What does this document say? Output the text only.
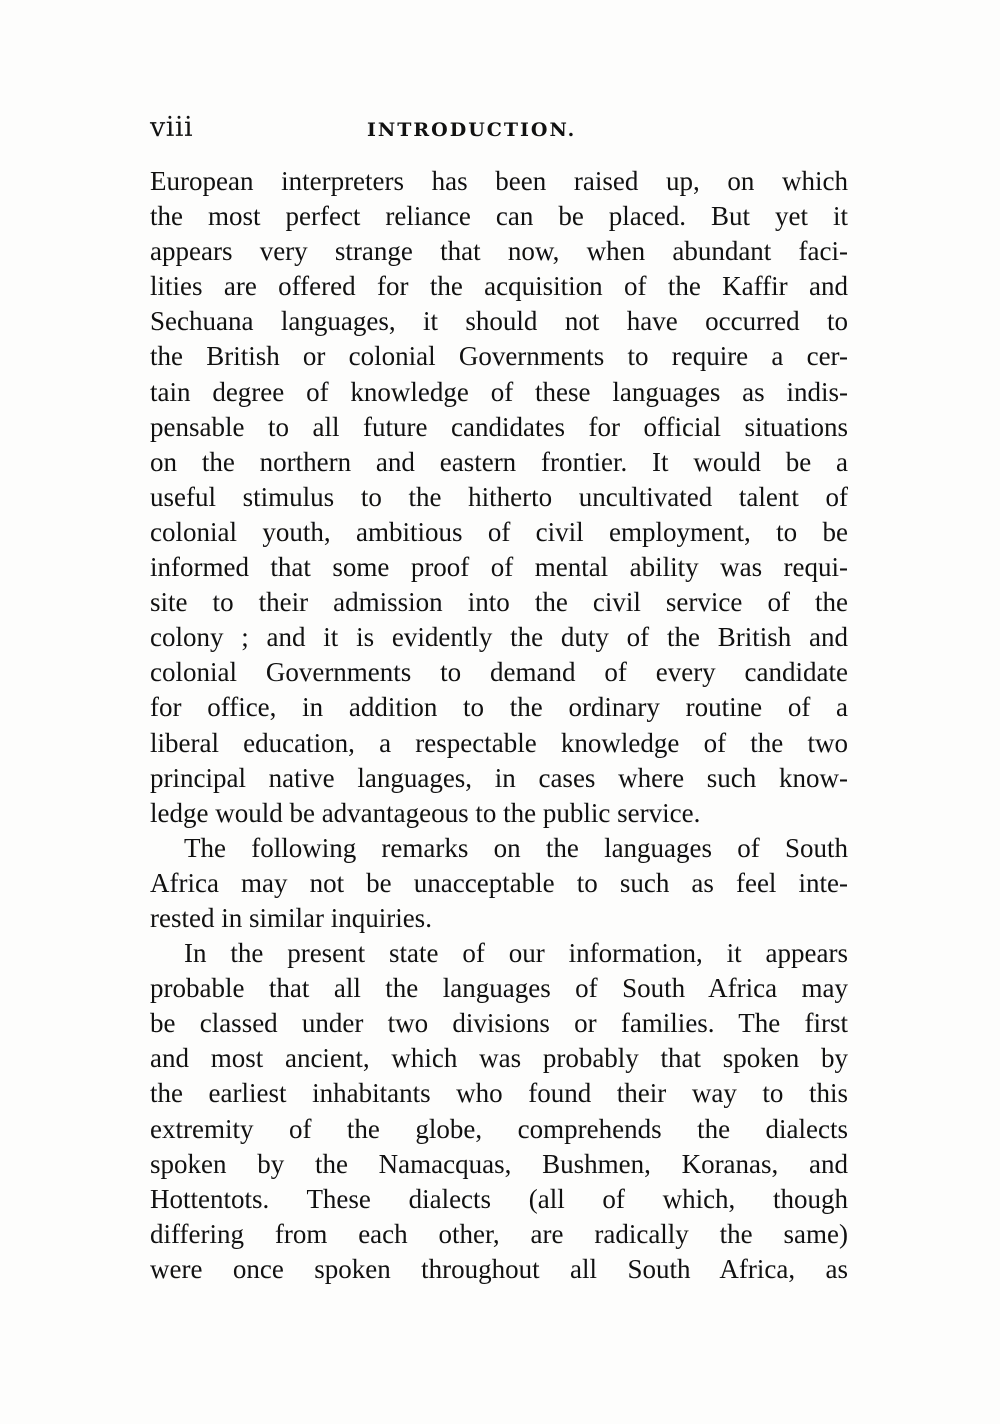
viii	INTRODUCTION.
European interpreters has been raised up, on which
the most perfect reliance can be placed. But yet it
appears very strange that now, when abundant faci-
lities are offered for the acquisition of the Kaffir and
Sechuana languages, it should not have occurred to
the British or colonial Governments to require a cer-
tain degree of knowledge of these languages as indis-
pensable to all future candidates for official situations
on the northern and eastern frontier. It would be a
useful stimulus to the hitherto uncultivated talent of
colonial youth, ambitious of civil employment, to be
informed that some proof of mental ability was requi-
site to their admission into the civil service of the
colony ; and it is evidently the duty of the British and
colonial Governments to demand of every candidate
for office, in addition to the ordinary routine of a
liberal education, a respectable knowledge of the two
principal native languages, in cases where such know-
ledge would be advantageous to the public service.
The following remarks on the languages of South
Africa may not be unacceptable to such as feel inte-
rested in similar inquiries.
In the present state of our information, it appears
probable that all the languages of South Africa may
be classed under two divisions or families. The first
and most ancient, which was probably that spoken by
the earliest inhabitants who found their way to this
extremity of the globe, comprehends the dialects
spoken by the Namacquas, Bushmen, Koranas, and
Hottentots. These dialects (all of which, though
differing from each other, are radically the same)
were once spoken throughout all South Africa, as
